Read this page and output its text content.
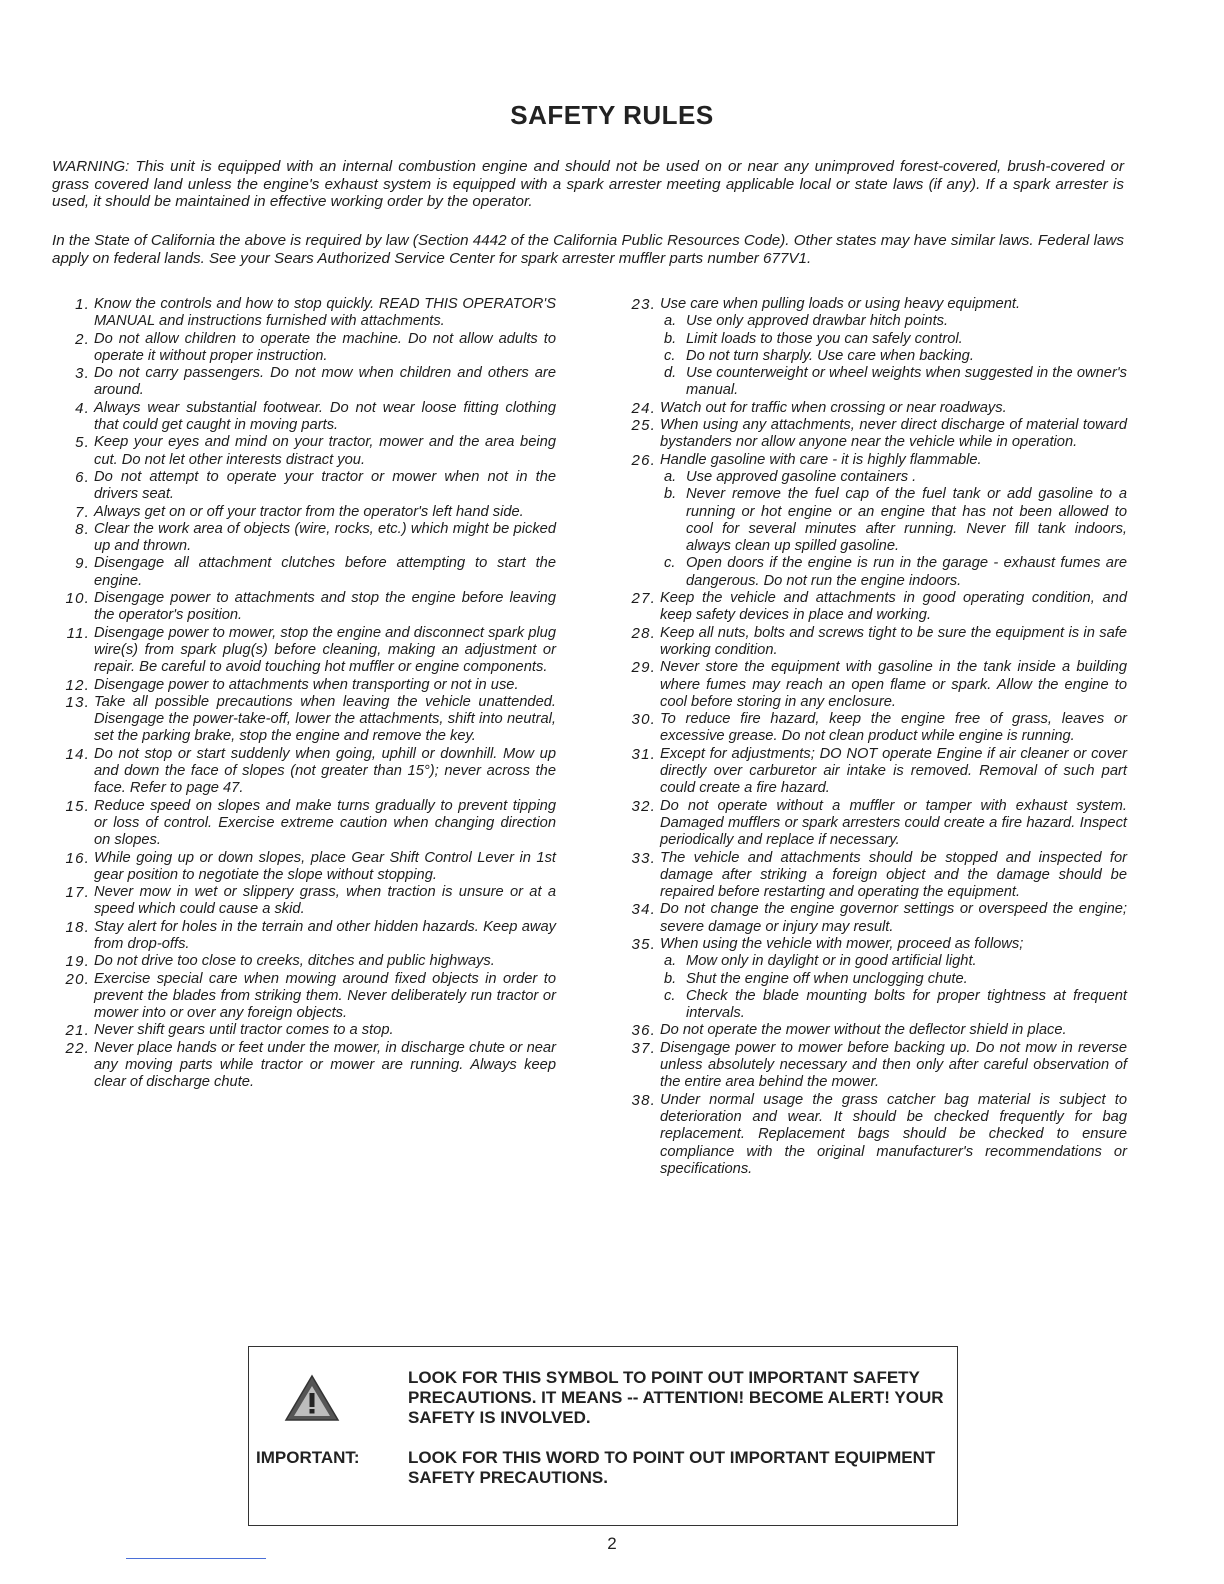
SAFETY RULES
WARNING: This unit is equipped with an internal combustion engine and should not be used on or near any unimproved forest-covered, brush-covered or grass covered land unless the engine's exhaust system is equipped with a spark arrester meeting applicable local or state laws (if any). If a spark arrester is used, it should be maintained in effective working order by the operator.
In the State of California the above is required by law (Section 4442 of the California Public Resources Code). Other states may have similar laws. Federal laws apply on federal lands. See your Sears Authorized Service Center for spark arrester muffler parts number 677V1.
1. Know the controls and how to stop quickly. READ THIS OPERATOR'S MANUAL and instructions furnished with attachments.
2. Do not allow children to operate the machine. Do not allow adults to operate it without proper instruction.
3. Do not carry passengers. Do not mow when children and others are around.
4. Always wear substantial footwear. Do not wear loose fitting clothing that could get caught in moving parts.
5. Keep your eyes and mind on your tractor, mower and the area being cut. Do not let other interests distract you.
6. Do not attempt to operate your tractor or mower when not in the drivers seat.
7. Always get on or off your tractor from the operator's left hand side.
8. Clear the work area of objects (wire, rocks, etc.) which might be picked up and thrown.
9. Disengage all attachment clutches before attempting to start the engine.
10. Disengage power to attachments and stop the engine before leaving the operator's position.
11. Disengage power to mower, stop the engine and disconnect spark plug wire(s) from spark plug(s) before cleaning, making an adjustment or repair. Be careful to avoid touching hot muffler or engine components.
12. Disengage power to attachments when transporting or not in use.
13. Take all possible precautions when leaving the vehicle unattended. Disengage the power-take-off, lower the attachments, shift into neutral, set the parking brake, stop the engine and remove the key.
14. Do not stop or start suddenly when going, uphill or downhill. Mow up and down the face of slopes (not greater than 15°); never across the face. Refer to page 47.
15. Reduce speed on slopes and make turns gradually to prevent tipping or loss of control. Exercise extreme caution when changing direction on slopes.
16. While going up or down slopes, place Gear Shift Control Lever in 1st gear position to negotiate the slope without stopping.
17. Never mow in wet or slippery grass, when traction is unsure or at a speed which could cause a skid.
18. Stay alert for holes in the terrain and other hidden hazards. Keep away from drop-offs.
19. Do not drive too close to creeks, ditches and public highways.
20. Exercise special care when mowing around fixed objects in order to prevent the blades from striking them. Never deliberately run tractor or mower into or over any foreign objects.
21. Never shift gears until tractor comes to a stop.
22. Never place hands or feet under the mower, in discharge chute or near any moving parts while tractor or mower are running. Always keep clear of discharge chute.
23. Use care when pulling loads or using heavy equipment.
a. Use only approved drawbar hitch points.
b. Limit loads to those you can safely control.
c. Do not turn sharply. Use care when backing.
d. Use counterweight or wheel weights when suggested in the owner's manual.
24. Watch out for traffic when crossing or near roadways.
25. When using any attachments, never direct discharge of material toward bystanders nor allow anyone near the vehicle while in operation.
26. Handle gasoline with care - it is highly flammable.
a. Use approved gasoline containers .
b. Never remove the fuel cap of the fuel tank or add gasoline to a running or hot engine or an engine that has not been allowed to cool for several minutes after running. Never fill tank indoors, always clean up spilled gasoline.
c. Open doors if the engine is run in the garage - exhaust fumes are dangerous. Do not run the engine indoors.
27. Keep the vehicle and attachments in good operating condition, and keep safety devices in place and working.
28. Keep all nuts, bolts and screws tight to be sure the equipment is in safe working condition.
29. Never store the equipment with gasoline in the tank inside a building where fumes may reach an open flame or spark. Allow the engine to cool before storing in any enclosure.
30. To reduce fire hazard, keep the engine free of grass, leaves or excessive grease. Do not clean product while engine is running.
31. Except for adjustments; DO NOT operate Engine if air cleaner or cover directly over carburetor air intake is removed. Removal of such part could create a fire hazard.
32. Do not operate without a muffler or tamper with exhaust system. Damaged mufflers or spark arresters could create a fire hazard. Inspect periodically and replace if necessary.
33. The vehicle and attachments should be stopped and inspected for damage after striking a foreign object and the damage should be repaired before restarting and operating the equipment.
34. Do not change the engine governor settings or overspeed the engine; severe damage or injury may result.
35. When using the vehicle with mower, proceed as follows;
a. Mow only in daylight or in good artificial light.
b. Shut the engine off when unclogging chute.
c. Check the blade mounting bolts for proper tightness at frequent intervals.
36. Do not operate the mower without the deflector shield in place.
37. Disengage power to mower before backing up. Do not mow in reverse unless absolutely necessary and then only after careful observation of the entire area behind the mower.
38. Under normal usage the grass catcher bag material is subject to deterioration and wear. It should be checked frequently for bag replacement. Replacement bags should be checked to ensure compliance with the original manufacturer's recommendations or specifications.
LOOK FOR THIS SYMBOL TO POINT OUT IMPORTANT SAFETY PRECAUTIONS. IT MEANS -- ATTENTION! BECOME ALERT! YOUR SAFETY IS INVOLVED.
IMPORTANT:	LOOK FOR THIS WORD TO POINT OUT IMPORTANT EQUIPMENT SAFETY PRECAUTIONS.
2
